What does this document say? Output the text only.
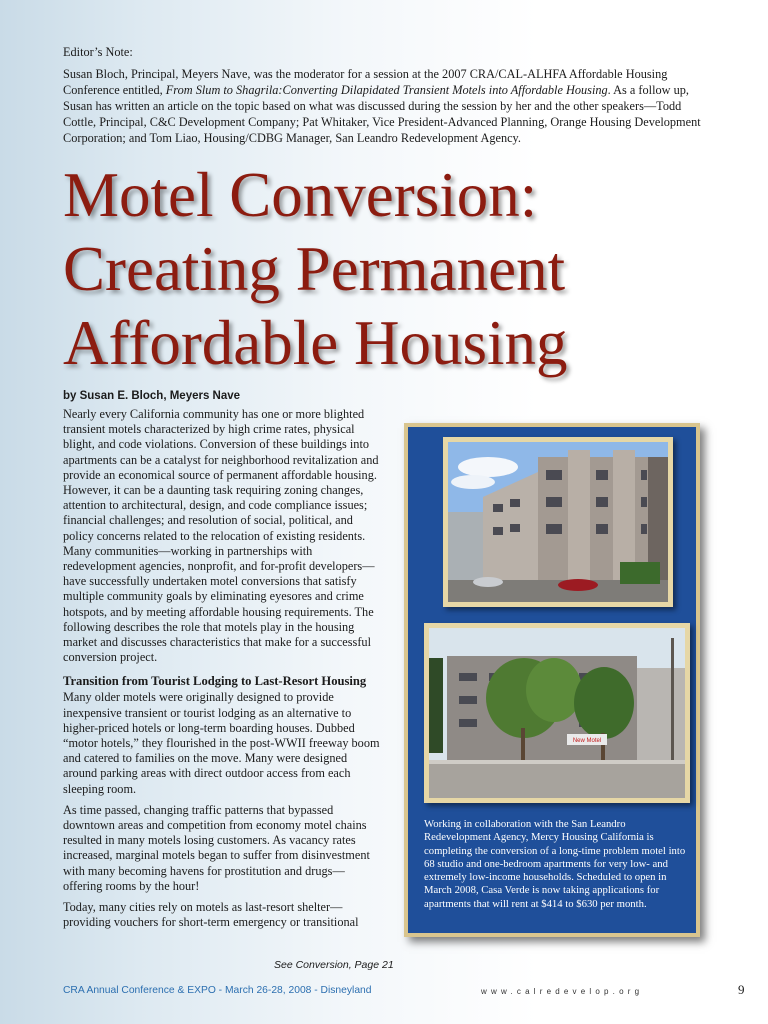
Editor’s Note:

Susan Bloch, Principal, Meyers Nave, was the moderator for a session at the 2007 CRA/CAL-ALHFA Affordable Housing Conference entitled, From Slum to Shagrila:Converting Dilapidated Transient Motels into Affordable Housing. As a follow up, Susan has written an article on the topic based on what was discussed during the session by her and the other speakers—Todd Cottle, Principal, C&C Development Company; Pat Whitaker, Vice President-Advanced Planning, Orange Housing Development Corporation; and Tom Liao, Housing/CDBG Manager, San Leandro Redevelopment Agency.

Motel Conversion:
Creating Permanent
Affordable Housing
by Susan E. Bloch, Meyers Nave

Nearly every California community has one or more blighted transient motels characterized by high crime rates, physical blight, and code violations. Conversion of these buildings into apartments can be a catalyst for neighborhood revitalization and provide an economical source of permanent affordable housing. However, it can be a daunting task requiring zoning changes, attention to architectural, design, and code compliance issues; financial challenges; and resolution of social, political, and policy concerns related to the relocation of existing residents. Many communities—working in partnerships with redevelopment agencies, nonprofit, and for-profit developers—have successfully undertaken motel conversions that satisfy multiple community goals by eliminating eyesores and crime hotspots, and by meeting affordable housing requirements. The following describes the role that motels play in the housing market and discusses characteristics that make for a successful conversion project.

Transition from Tourist Lodging to Last-Resort Housing

Many older motels were originally designed to provide inexpensive transient or tourist lodging as an alternative to higher-priced hotels or long-term boarding houses. Dubbed “motor hotels,” they flourished in the post-WWII freeway boom and catered to families on the move. Many were designed around parking areas with direct outdoor access from each sleeping room.

As time passed, changing traffic patterns that bypassed downtown areas and competition from economy motel chains resulted in many motels losing customers. As vacancy rates increased, marginal motels began to suffer from disinvestment with many becoming havens for prostitution and drugs—offering rooms by the hour!

Today, many cities rely on motels as last-resort shelter—providing vouchers for short-term emergency or transitional

See Conversion, Page 21
New Motel
Working in collaboration with the San Leandro Redevelopment Agency, Mercy Housing California is completing the conversion of a long-time problem motel into 68 studio and one-bedroom apartments for very low- and extremely low-income households. Scheduled to open in March 2008, Casa Verde is now taking applications for apartments that will rent at $414 to $630 per month.
CRA Annual Conference & EXPO - March 26-28, 2008 - Disneyland	www.calredevelop.org	9
